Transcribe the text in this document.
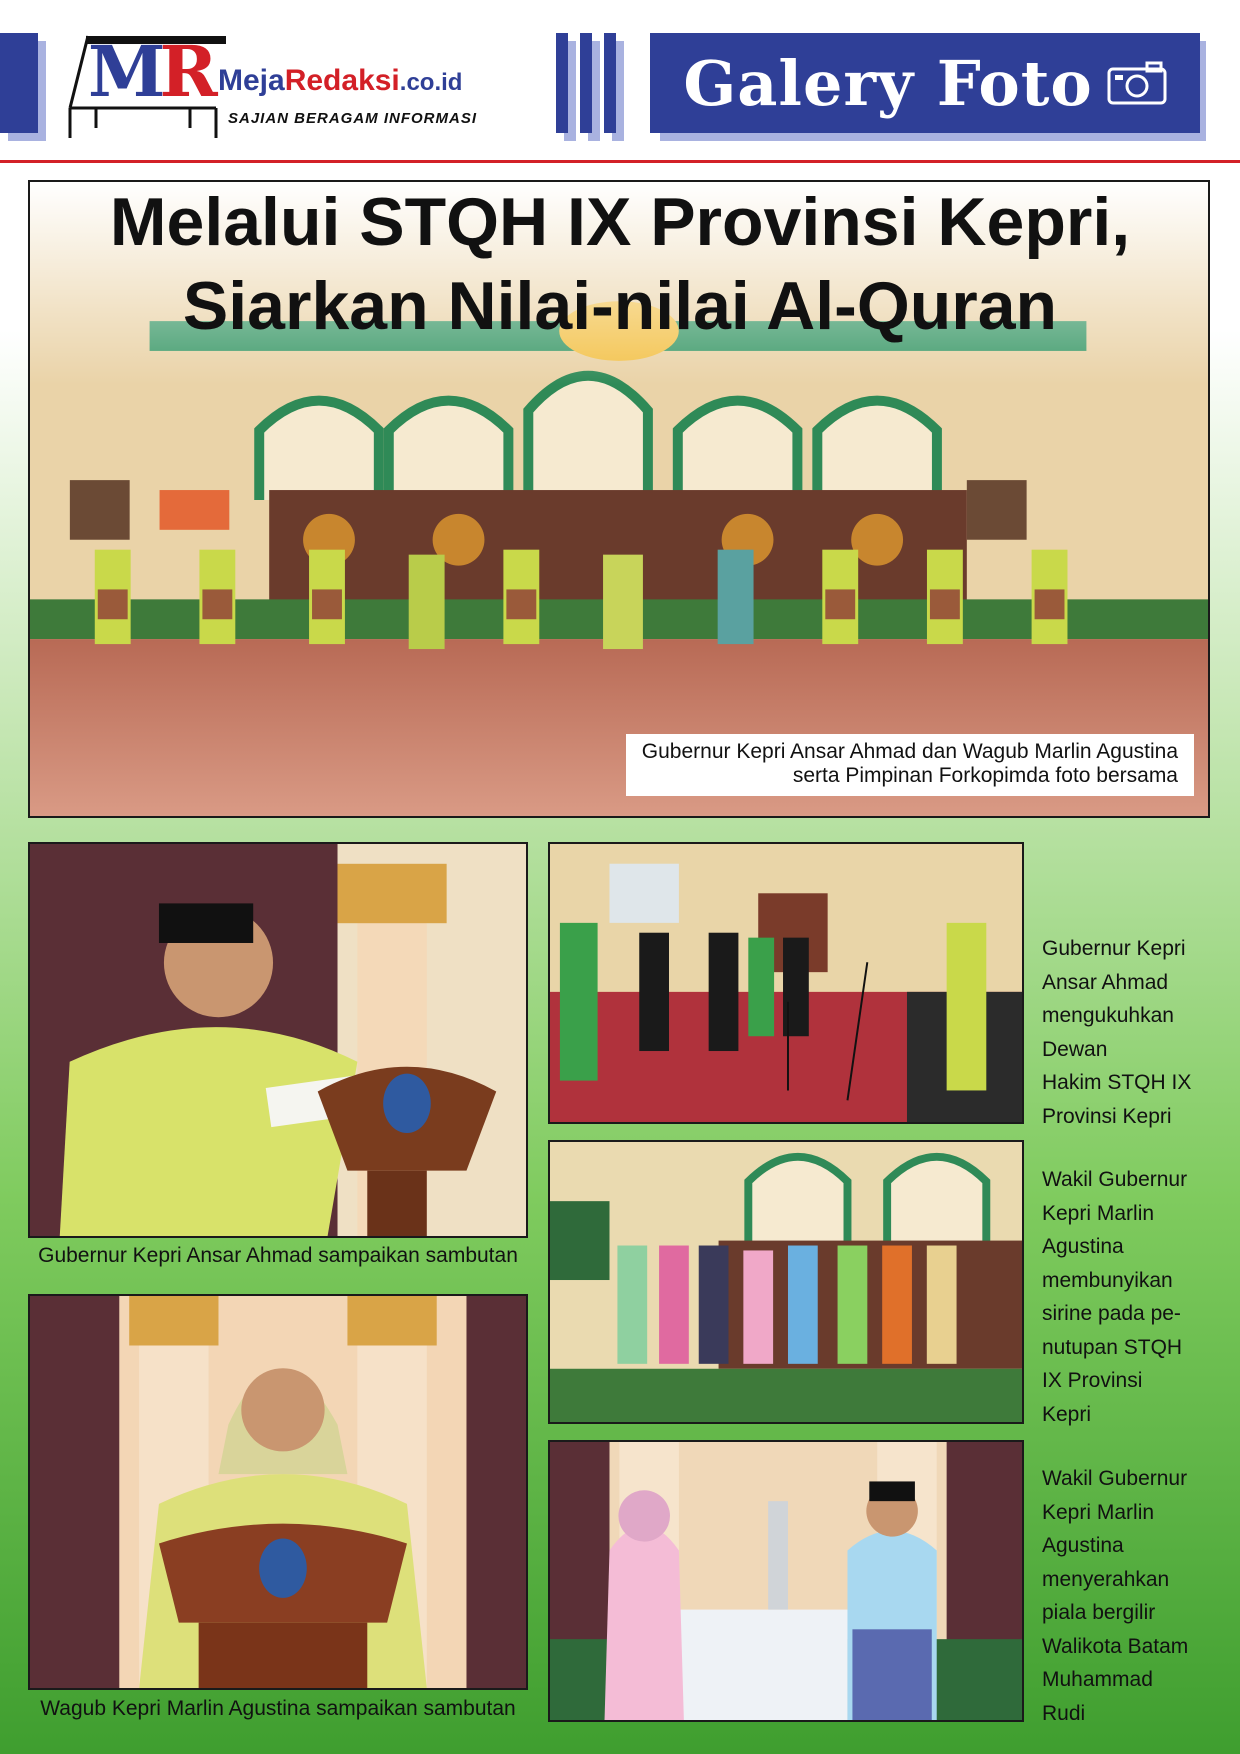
MR MejaRedaksi.co.id
SAJIAN BERAGAM INFORMASI	Galery Foto
Gubernur Kepri Ansar Ahmad dan Wagub Marlin Agustina
serta Pimpinan Forkopimda foto bersama
Melalui STQH IX Provinsi Kepri,
Siarkan Nilai-nilai Al-Quran
Gubernur Kepri Ansar Ahmad sampaikan sambutan
Wagub Kepri Marlin Agustina sampaikan sambutan
Gubernur Kepri
Ansar Ahmad
mengukuhkan
Dewan
Hakim STQH IX
Provinsi Kepri
Wakil Gubernur
Kepri Marlin
Agustina
membunyikan
sirine pada pe-
nutupan STQH
IX Provinsi
Kepri
Wakil Gubernur
Kepri Marlin
Agustina
menyerahkan
piala bergilir
Walikota Batam
Muhammad
Rudi
